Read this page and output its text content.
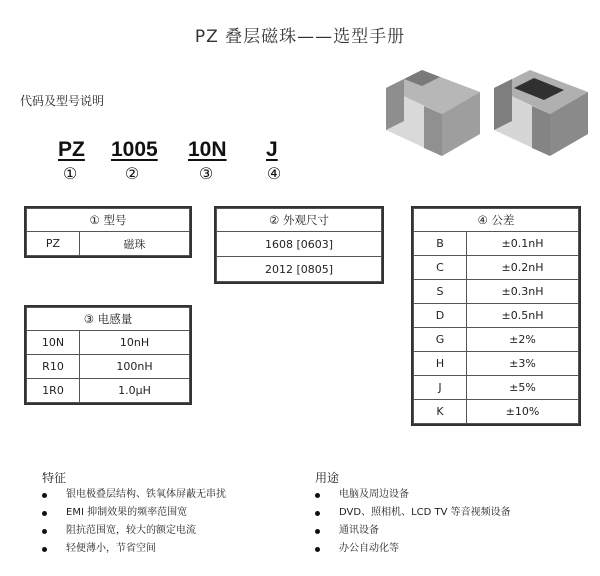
PZ 叠层磁珠——选型手册
代码及型号说明
PZ 1005 10N J
①	②	③	④
① 型号
PZ	磁珠
② 外观尺寸
1608 [0603]
2012 [0805]
③ 电感量	
10N	10nH
R10	100nH
1R0	1.0μH
④ 公差	
B	±0.1nH
C	±0.2nH
S	±0.3nH
D	±0.5nH
G	±2%
H	±3%
J	±5%
K	±10%
特征
银电极叠层结构、铁氧体屏蔽无串扰
EMI 抑制效果的频率范围宽
阻抗范围宽，较大的额定电流
轻便薄小，节省空间
用途
电脑及周边设备
DVD、照相机、LCD TV 等音视频设备
通讯设备
办公自动化等
